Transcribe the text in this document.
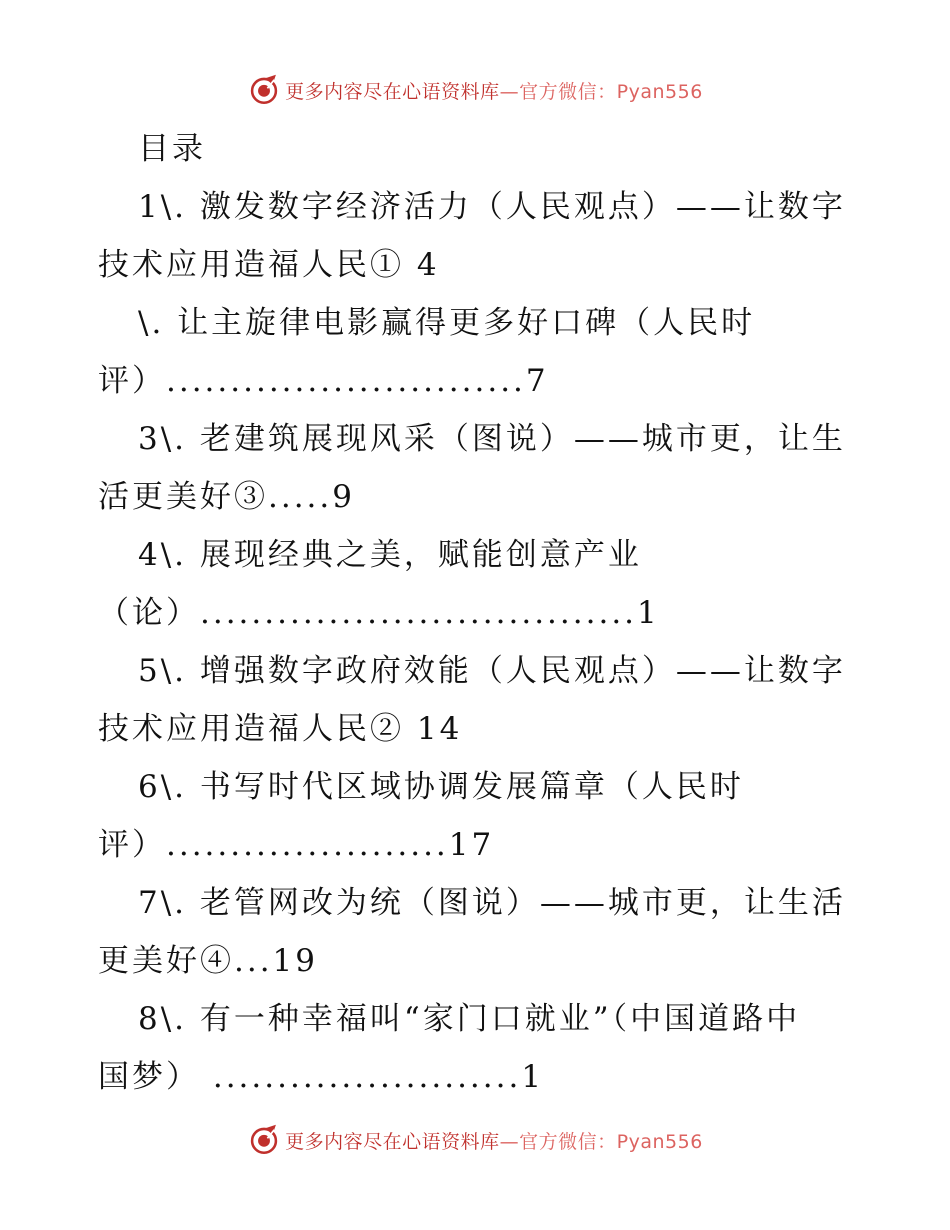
更多内容尽在心语资料库—官方微信：Pyan556
目录
1\. 激发数字经济活力（人民观点）——让数字
技术应用造福人民① 4
\. 让主旋律电影赢得更多好口碑（人民时
评）............................7
3\. 老建筑展现风采（图说）——城市更，让生
活更美好③.....9
4\. 展现经典之美，赋能创意产业
（论）..................................1
5\. 增强数字政府效能（人民观点）——让数字
技术应用造福人民② 14
6\. 书写时代区域协调发展篇章（人民时
评）......................17
7\. 老管网改为统（图说）——城市更，让生活
更美好④...19
8\. 有一种幸福叫“家门口就业”（中国道路中
国梦） ........................1
更多内容尽在心语资料库—官方微信：Pyan556
